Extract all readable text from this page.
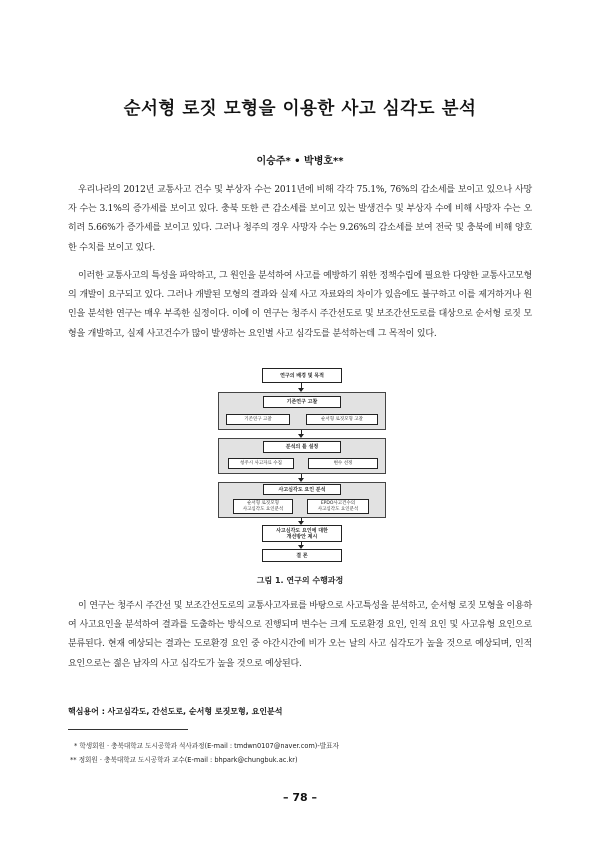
순서형 로짓 모형을 이용한 사고 심각도 분석
이승주* • 박병호**

우리나라의 2012년 교통사고 건수 및 부상자 수는 2011년에 비해 각각 75.1%, 76%의 감소세를 보이고 있으나 사망자 수는 3.1%의 증가세를 보이고 있다. 충북 또한 큰 감소세를 보이고 있는 발생건수 및 부상자 수에 비해 사망자 수는 오히려 5.66%가 증가세를 보이고 있다. 그러나 청주의 경우 사망자 수는 9.26%의 감소세를 보여 전국 및 충북에 비해 양호한 수치를 보이고 있다.

이러한 교통사고의 특성을 파악하고, 그 원인을 분석하여 사고를 예방하기 위한 정책수립에 필요한 다양한 교통사고모형의 개발이 요구되고 있다. 그러나 개발된 모형의 결과와 실제 사고 자료와의 차이가 있음에도 불구하고 이를 제거하거나 원인을 분석한 연구는 매우 부족한 실정이다. 이에 이 연구는 청주시 주간선도로 및 보조간선도로를 대상으로 순서형 로짓 모형을 개발하고, 실제 사고건수가 많이 발생하는 요인별 사고 심각도를 분석하는데 그 목적이 있다.

연구의 배경 및 목적
기존연구 고찰
기존연구 고찰	순서형 로짓모형 고찰
분석의 틀 설정
청주시 사고자료 수집	변수 선정
사고심각도 요인 분석
순서형 로짓모형
사고심각도 요인분석
EPDO사고건수의
사고심각도 요인분석
사고심각도 요인에 대한
개선방안 제시
결 론
그림 1. 연구의 수행과정

이 연구는 청주시 주간선 및 보조간선도로의 교통사고자료를 바탕으로 사고특성을 분석하고, 순서형 로짓 모형을 이용하여 사고요인을 분석하여 결과를 도출하는 방식으로 진행되며 변수는 크게 도로환경 요인, 인적 요인 및 사고유형 요인으로 분류된다. 현재 예상되는 결과는 도로환경 요인 중 야간시간에 비가 오는 날의 사고 심각도가 높을 것으로 예상되며, 인적요인으로는 젊은 남자의 사고 심각도가 높을 것으로 예상된다.

핵심용어 : 사고심각도, 간선도로, 순서형 로짓모형, 요인분석
* 학생회원 · 충북대학교 도시공학과 석사과정(E-mail : tmdwn0107@naver.com)-발표자
** 정회원 · 충북대학교 도시공학과 교수(E-mail : bhpark@chungbuk.ac.kr)
– 78 –
